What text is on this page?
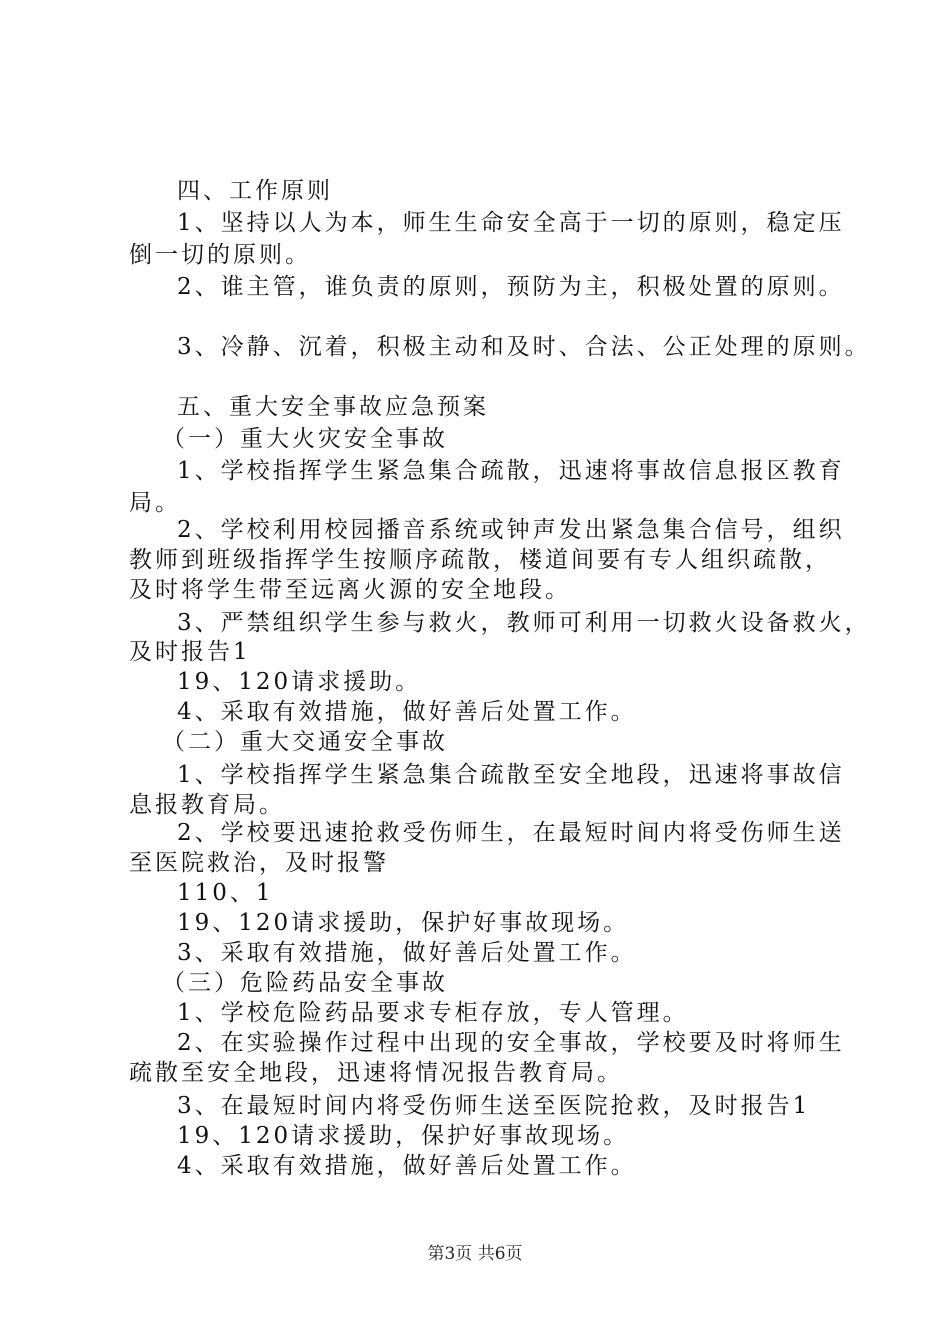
四、工作原则
1、坚持以人为本，师生生命安全高于一切的原则，稳定压
倒一切的原则。
2、谁主管，谁负责的原则，预防为主，积极处置的原则。
3、冷静、沉着，积极主动和及时、合法、公正处理的原则。
五、重大安全事故应急预案
（一）重大火灾安全事故
1、学校指挥学生紧急集合疏散，迅速将事故信息报区教育
局。
2、学校利用校园播音系统或钟声发出紧急集合信号，组织
教师到班级指挥学生按顺序疏散，楼道间要有专人组织疏散，
及时将学生带至远离火源的安全地段。
3、严禁组织学生参与救火，教师可利用一切救火设备救火，
及时报告1
19、120请求援助。
4、采取有效措施，做好善后处置工作。
（二）重大交通安全事故
1、学校指挥学生紧急集合疏散至安全地段，迅速将事故信
息报教育局。
2、学校要迅速抢救受伤师生，在最短时间内将受伤师生送
至医院救治，及时报警
110、1
19、120请求援助，保护好事故现场。
3、采取有效措施，做好善后处置工作。
（三）危险药品安全事故
1、学校危险药品要求专柜存放，专人管理。
2、在实验操作过程中出现的安全事故，学校要及时将师生
疏散至安全地段，迅速将情况报告教育局。
3、在最短时间内将受伤师生送至医院抢救，及时报告1
19、120请求援助，保护好事故现场。
4、采取有效措施，做好善后处置工作。
第3页 共6页
